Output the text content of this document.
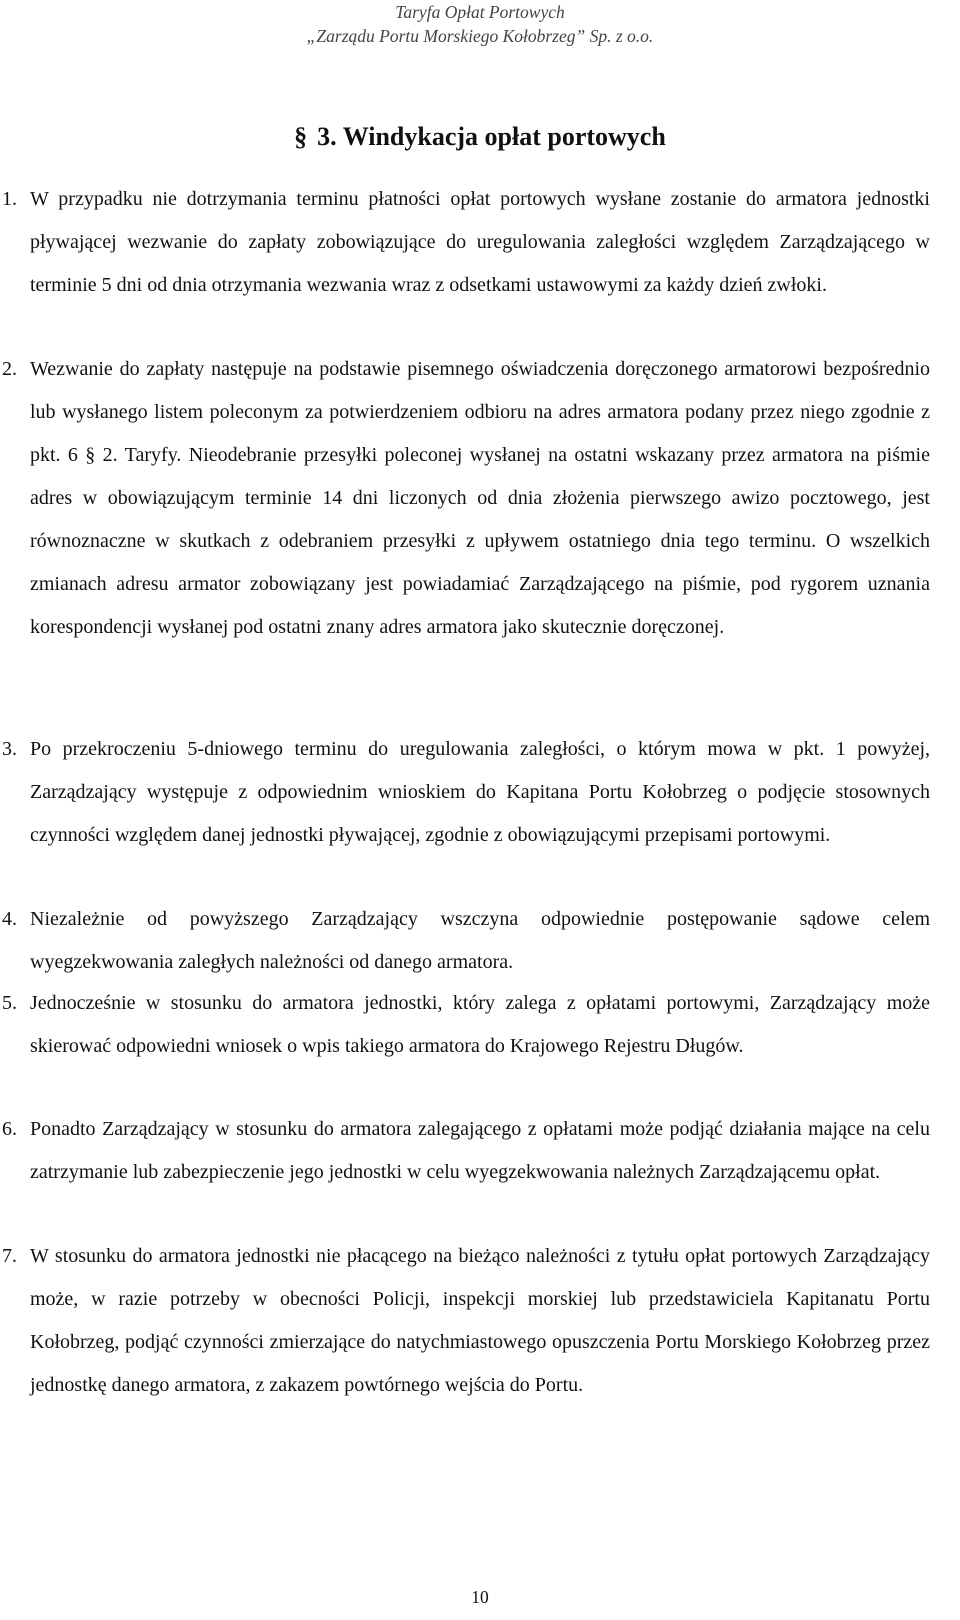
Taryfa Opłat Portowych
„Zarządu Portu Morskiego Kołobrzeg” Sp. z o.o.
§ 3. Windykacja opłat portowych
1. W przypadku nie dotrzymania terminu płatności opłat portowych wysłane zostanie do armatora jednostki pływającej wezwanie do zapłaty zobowiązujące do uregulowania zaległości względem Zarządzającego w terminie 5 dni od dnia otrzymania wezwania wraz z odsetkami ustawowymi za każdy dzień zwłoki.
2. Wezwanie do zapłaty następuje na podstawie pisemnego oświadczenia doręczonego armatorowi bezpośrednio lub wysłanego listem poleconym za potwierdzeniem odbioru na adres armatora podany przez niego zgodnie z pkt. 6 § 2. Taryfy. Nieodebranie przesyłki poleconej wysłanej na ostatni wskazany przez armatora na piśmie adres w obowiązującym terminie 14 dni liczonych od dnia złożenia pierwszego awizo pocztowego, jest równoznaczne w skutkach z odebraniem przesyłki z upływem ostatniego dnia tego terminu. O wszelkich zmianach adresu armator zobowiązany jest powiadamiać Zarządzającego na piśmie, pod rygorem uznania korespondencji wysłanej pod ostatni znany adres armatora jako skutecznie doręczonej.
3. Po przekroczeniu 5-dniowego terminu do uregulowania zaległości, o którym mowa w pkt. 1 powyżej, Zarządzający występuje z odpowiednim wnioskiem do Kapitana Portu Kołobrzeg o podjęcie stosownych czynności względem danej jednostki pływającej, zgodnie z obowiązującymi przepisami portowymi.
4. Niezależnie od powyższego Zarządzający wszczyna odpowiednie postępowanie sądowe celem wyegzekwowania zaległych należności od danego armatora.
5. Jednocześnie w stosunku do armatora jednostki, który zalega z opłatami portowymi, Zarządzający może skierować odpowiedni wniosek o wpis takiego armatora do Krajowego Rejestru Długów.
6. Ponadto Zarządzający w stosunku do armatora zalegającego z opłatami może podjąć działania mające na celu zatrzymanie lub zabezpieczenie jego jednostki w celu wyegzekwowania należnych Zarządzającemu opłat.
7. W stosunku do armatora jednostki nie płacącego na bieżąco należności z tytułu opłat portowych Zarządzający może, w razie potrzeby w obecności Policji, inspekcji morskiej lub przedstawiciela Kapitanatu Portu Kołobrzeg, podjąć czynności zmierzające do natychmiastowego opuszczenia Portu Morskiego Kołobrzeg przez jednostkę danego armatora, z zakazem powtórnego wejścia do Portu.
10
